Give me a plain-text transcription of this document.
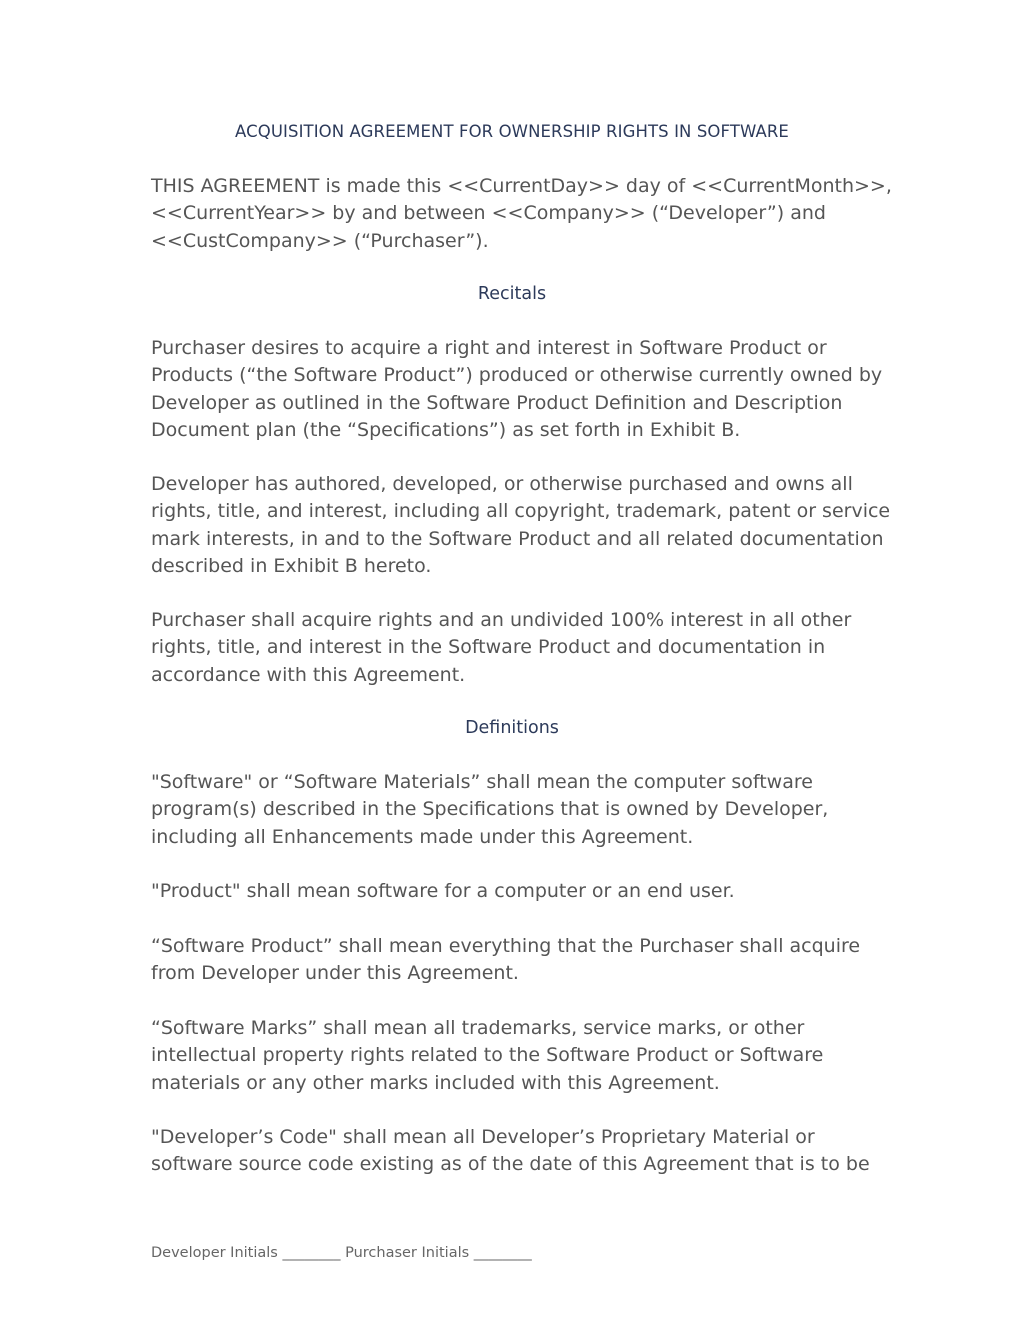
ACQUISITION AGREEMENT FOR OWNERSHIP RIGHTS IN SOFTWARE

THIS AGREEMENT is made this <<CurrentDay>> day of <<CurrentMonth>>,
<<CurrentYear>> by and between <<Company>> (“Developer”) and
<<CustCompany>> (“Purchaser”).

Recitals

Purchaser desires to acquire a right and interest in Software Product or
Products (“the Software Product”) produced or otherwise currently owned by
Developer as outlined in the Software Product Definition and Description
Document plan (the “Specifications”) as set forth in Exhibit B.

Developer has authored, developed, or otherwise purchased and owns all
rights, title, and interest, including all copyright, trademark, patent or service
mark interests, in and to the Software Product and all related documentation
described in Exhibit B hereto.

Purchaser shall acquire rights and an undivided 100% interest in all other
rights, title, and interest in the Software Product and documentation in
accordance with this Agreement.

Definitions

"Software" or “Software Materials” shall mean the computer software
program(s) described in the Specifications that is owned by Developer,
including all Enhancements made under this Agreement.

"Product" shall mean software for a computer or an end user.

“Software Product” shall mean everything that the Purchaser shall acquire
from Developer under this Agreement.

“Software Marks” shall mean all trademarks, service marks, or other
intellectual property rights related to the Software Product or Software
materials or any other marks included with this Agreement.

"Developer’s Code" shall mean all Developer’s Proprietary Material or
software source code existing as of the date of this Agreement that is to be

Developer Initials ________ Purchaser Initials ________
